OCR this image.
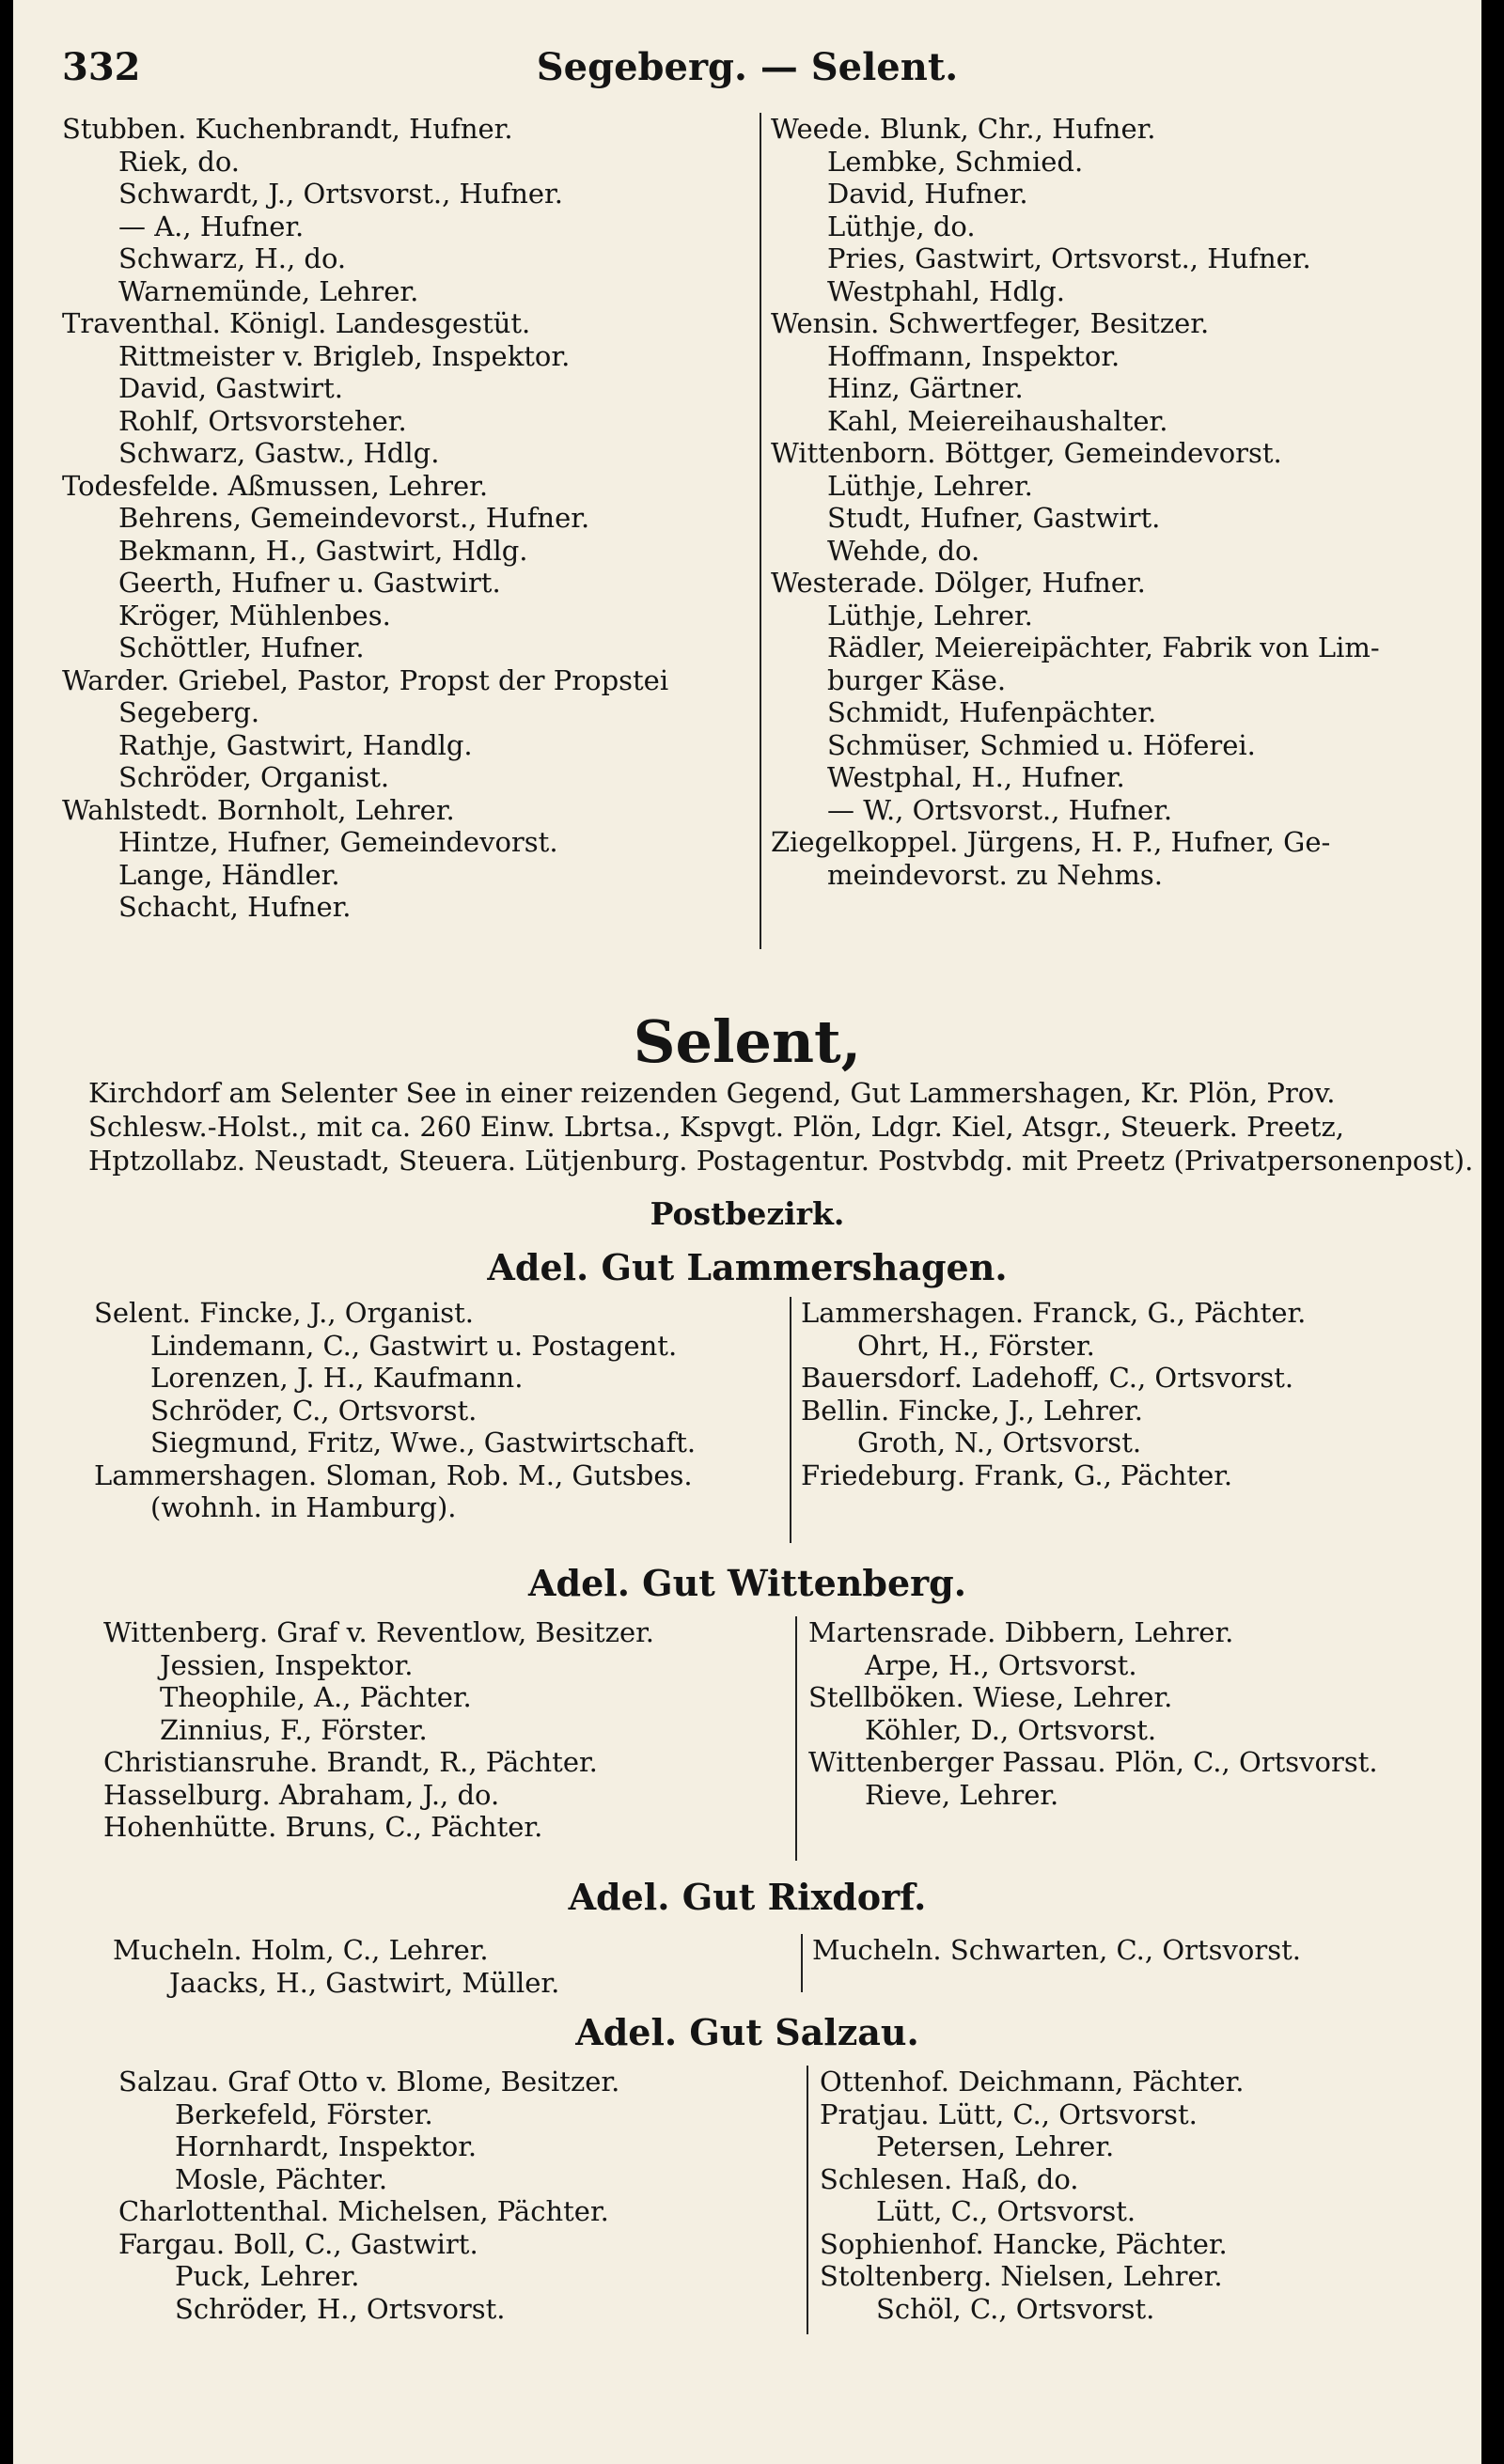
332	Segeberg. — Selent.
Stubben. Kuchenbrandt, Hufner.
Riek, do.
Schwardt, J., Ortsvorst., Hufner.
— A., Hufner.
Schwarz, H., do.
Warnemünde, Lehrer.
Traventhal. Königl. Landesgestüt.
Rittmeister v. Brigleb, Inspektor.
David, Gastwirt.
Rohlf, Ortsvorsteher.
Schwarz, Gastw., Hdlg.
Todesfelde. Aßmussen, Lehrer.
Behrens, Gemeindevorst., Hufner.
Bekmann, H., Gastwirt, Hdlg.
Geerth, Hufner u. Gastwirt.
Kröger, Mühlenbes.
Schöttler, Hufner.
Warder. Griebel, Pastor, Propst der Propstei
Segeberg.
Rathje, Gastwirt, Handlg.
Schröder, Organist.
Wahlstedt. Bornholt, Lehrer.
Hintze, Hufner, Gemeindevorst.
Lange, Händler.
Schacht, Hufner.
Weede. Blunk, Chr., Hufner.
Lembke, Schmied.
David, Hufner.
Lüthje, do.
Pries, Gastwirt, Ortsvorst., Hufner.
Westphahl, Hdlg.
Wensin. Schwertfeger, Besitzer.
Hoffmann, Inspektor.
Hinz, Gärtner.
Kahl, Meiereihaushalter.
Wittenborn. Böttger, Gemeindevorst.
Lüthje, Lehrer.
Studt, Hufner, Gastwirt.
Wehde, do.
Westerade. Dölger, Hufner.
Lüthje, Lehrer.
Rädler, Meiereipächter, Fabrik von Lim-
burger Käse.
Schmidt, Hufenpächter.
Schmüser, Schmied u. Höferei.
Westphal, H., Hufner.
— W., Ortsvorst., Hufner.
Ziegelkoppel. Jürgens, H. P., Hufner, Ge-
meindevorst. zu Nehms.
Selent,
Kirchdorf am Selenter See in einer reizenden Gegend, Gut Lammershagen, Kr. Plön, Prov.
Schlesw.-Holst., mit ca. 260 Einw. Lbrtsa., Kspvgt. Plön, Ldgr. Kiel, Atsgr., Steuerk. Preetz,
Hptzollabz. Neustadt, Steuera. Lütjenburg. Postagentur. Postvbdg. mit Preetz (Privatpersonenpost).
Postbezirk.
Adel. Gut Lammershagen.
Selent. Fincke, J., Organist.
Lindemann, C., Gastwirt u. Postagent.
Lorenzen, J. H., Kaufmann.
Schröder, C., Ortsvorst.
Siegmund, Fritz, Wwe., Gastwirtschaft.
Lammershagen. Sloman, Rob. M., Gutsbes.
(wohnh. in Hamburg).
Lammershagen. Franck, G., Pächter.
Ohrt, H., Förster.
Bauersdorf. Ladehoff, C., Ortsvorst.
Bellin. Fincke, J., Lehrer.
Groth, N., Ortsvorst.
Friedeburg. Frank, G., Pächter.
Adel. Gut Wittenberg.
Wittenberg. Graf v. Reventlow, Besitzer.
Jessien, Inspektor.
Theophile, A., Pächter.
Zinnius, F., Förster.
Christiansruhe. Brandt, R., Pächter.
Hasselburg. Abraham, J., do.
Hohenhütte. Bruns, C., Pächter.
Martensrade. Dibbern, Lehrer.
Arpe, H., Ortsvorst.
Stellböken. Wiese, Lehrer.
Köhler, D., Ortsvorst.
Wittenberger Passau. Plön, C., Ortsvorst.
Rieve, Lehrer.
Adel. Gut Rixdorf.
Mucheln. Holm, C., Lehrer.
Jaacks, H., Gastwirt, Müller.
Mucheln. Schwarten, C., Ortsvorst.
Adel. Gut Salzau.
Salzau. Graf Otto v. Blome, Besitzer.
Berkefeld, Förster.
Hornhardt, Inspektor.
Mosle, Pächter.
Charlottenthal. Michelsen, Pächter.
Fargau. Boll, C., Gastwirt.
Puck, Lehrer.
Schröder, H., Ortsvorst.
Ottenhof. Deichmann, Pächter.
Pratjau. Lütt, C., Ortsvorst.
Petersen, Lehrer.
Schlesen. Haß, do.
Lütt, C., Ortsvorst.
Sophienhof. Hancke, Pächter.
Stoltenberg. Nielsen, Lehrer.
Schöl, C., Ortsvorst.
